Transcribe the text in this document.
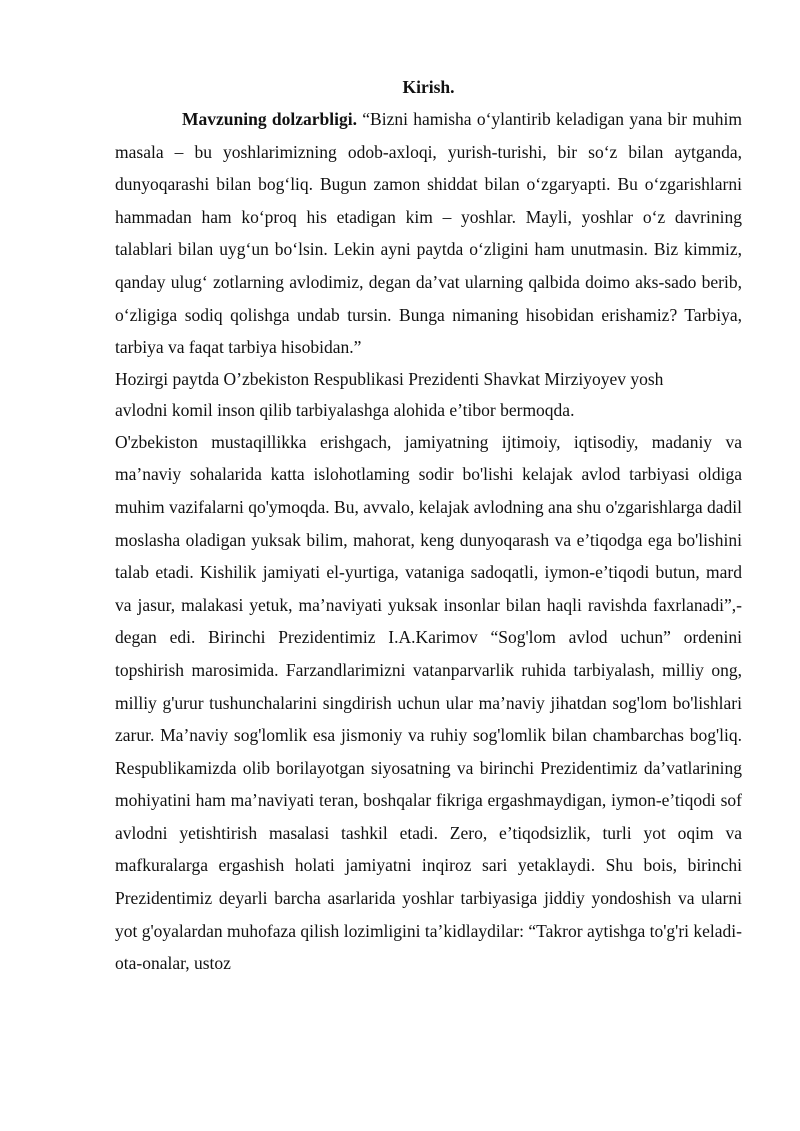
Kirish.

Mavzuning dolzarbligi. “Bizni hamisha oʻylantirib keladigan yana bir muhim masala – bu yoshlarimizning odob-axloqi, yurish-turishi, bir soʻz bilan aytganda, dunyoqarashi bilan bogʻliq. Bugun zamon shiddat bilan oʻzgaryapti. Bu oʻzgarishlarni hammadan ham koʻproq his etadigan kim – yoshlar. Mayli, yoshlar oʻz davrining talablari bilan uygʻun boʻlsin. Lekin ayni paytda oʻzligini ham unutmasin. Biz kimmiz, qanday ulugʻ zotlarning avlodimiz, degan da’vat ularning qalbida doimo aks-sado berib, oʻzligiga sodiq qolishga undab tursin. Bunga nimaning hisobidan erishamiz? Tarbiya, tarbiya va faqat tarbiya hisobidan.”

Hozirgi paytda O’zbekiston Respublikasi Prezidenti Shavkat Mirziyoyev yosh
avlodni komil inson qilib tarbiyalashga alohida e’tibor bermoqda.

O'zbekiston mustaqillikka erishgach, jamiyatning ijtimoiy, iqtisodiy, madaniy va ma’naviy sohalarida katta islohotlaming sodir bo'lishi kelajak avlod tarbiyasi oldiga muhim vazifalarni qo'ymoqda. Bu, avvalo, kelajak avlodning ana shu o'zgarishlarga dadil moslasha oladigan yuksak bilim, mahorat, keng dunyoqarash va e’tiqodga ega bo'lishini talab etadi. Kishilik jamiyati el-yurtiga, vataniga sadoqatli, iymon-e’tiqodi butun, mard va jasur, malakasi yetuk, ma’naviyati yuksak insonlar bilan haqli ravishda faxrlanadi”,-degan edi. Birinchi Prezidentimiz I.A.Karimov “Sog'lom avlod uchun” ordenini topshirish marosimida. Farzandlarimizni vatanparvarlik ruhida tarbiyalash, milliy ong, milliy g'urur tushunchalarini singdirish uchun ular ma’naviy jihatdan sog'lom bo'lishlari zarur. Ma’naviy sog'lomlik esa jismoniy va ruhiy sog'lomlik bilan chambarchas bog'liq. Respublikamizda olib borilayotgan siyosatning va birinchi Prezidentimiz da’vatlarining mohiyatini ham ma’naviyati teran, boshqalar fikriga ergashmaydigan, iymon-e’tiqodi sof avlodni yetishtirish masalasi tashkil etadi. Zero, e’tiqodsizlik, turli yot oqim va mafkuralarga ergashish holati jamiyatni inqiroz sari yetaklaydi. Shu bois, birinchi Prezidentimiz deyarli barcha asarlarida yoshlar tarbiyasiga jiddiy yondoshish va ularni yot g'oyalardan muhofaza qilish lozimligini ta’kidlaydilar: “Takror aytishga to'g'ri keladi-ota-onalar, ustoz
